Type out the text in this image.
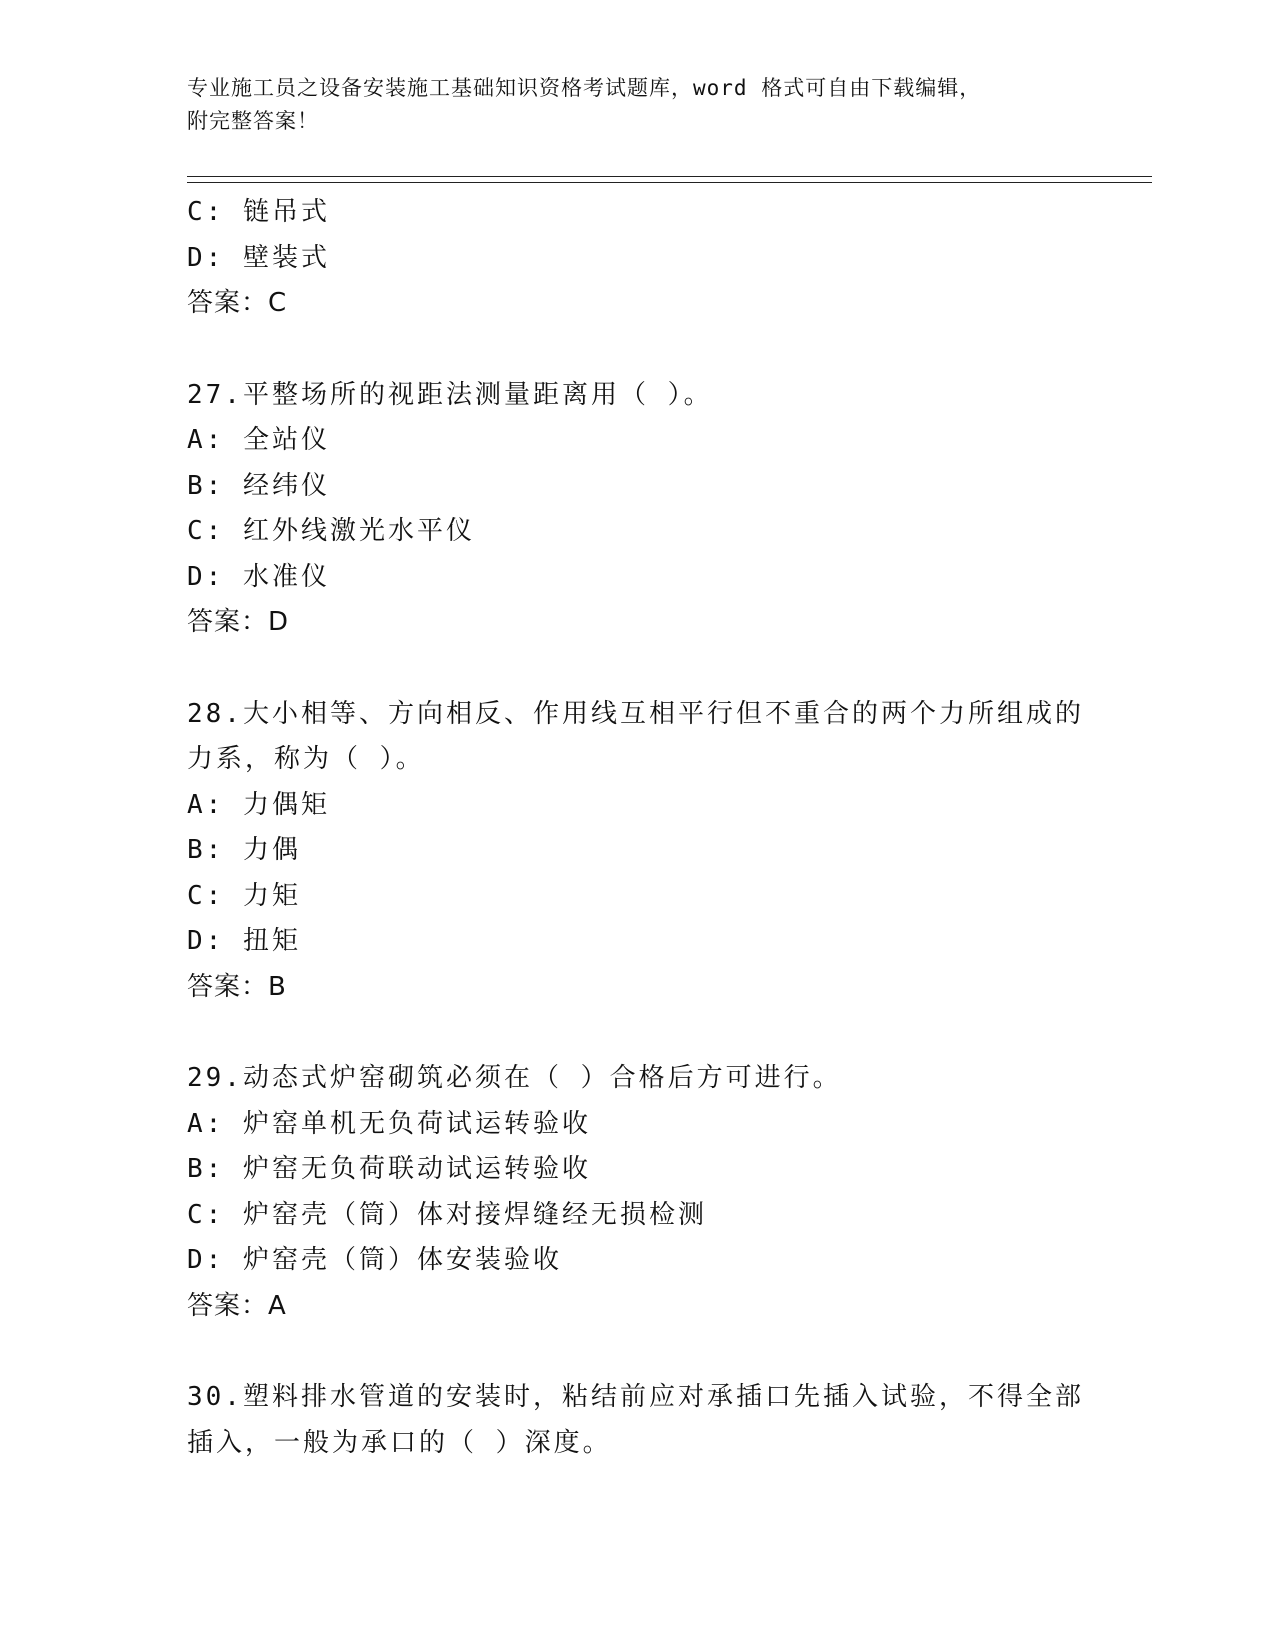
专业施工员之设备安装施工基础知识资格考试题库，word 格式可自由下载编辑，
附完整答案！
C: 链吊式
D: 壁装式
答案：C
27.平整场所的视距法测量距离用（ ）。
A: 全站仪
B: 经纬仪
C: 红外线激光水平仪
D: 水准仪
答案：D
28.大小相等、方向相反、作用线互相平行但不重合的两个力所组成的
力系，称为（ ）。
A: 力偶矩
B: 力偶
C: 力矩
D: 扭矩
答案：B
29.动态式炉窑砌筑必须在（ ）合格后方可进行。
A: 炉窑单机无负荷试运转验收
B: 炉窑无负荷联动试运转验收
C: 炉窑壳（筒）体对接焊缝经无损检测
D: 炉窑壳（筒）体安装验收
答案：A
30.塑料排水管道的安装时，粘结前应对承插口先插入试验，不得全部
插入，一般为承口的（ ）深度。
